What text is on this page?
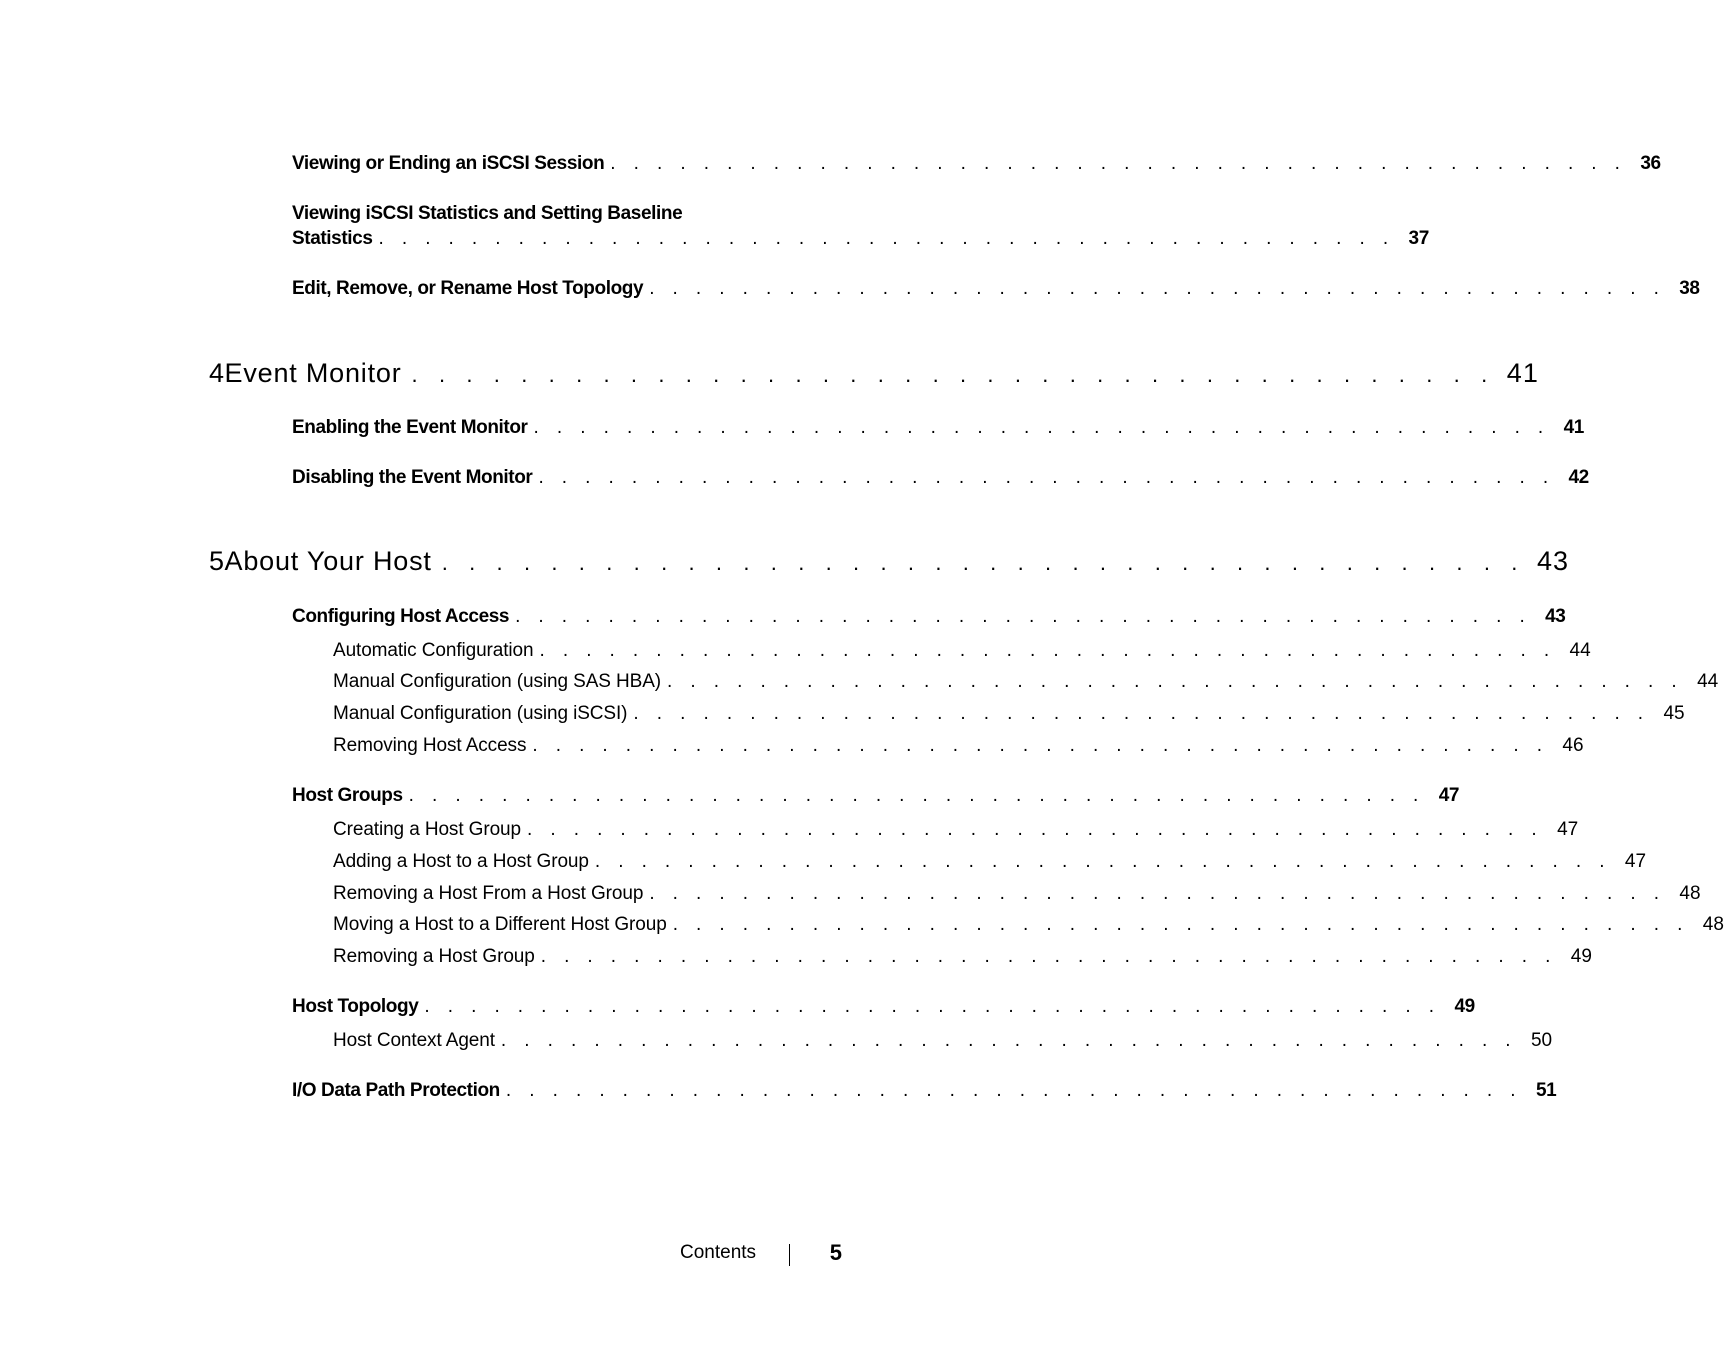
Viewing or Ending an iSCSI Session . . . . . . . . . . . . . . . . . . . . . . . . . . . . . . . . . . . . . . . . . . . . 36
Viewing iSCSI Statistics and Setting Baseline
Statistics . . . . . . . . . . . . . . . . . . . . . . . . . . . . . . . . . . . . . . . . . . . . 37
Edit, Remove, or Rename Host Topology . . . . . . . . . . . . . . . . . . . . . . . . . . . . . . . . . . . . . . . . . . . . 38
4 Event Monitor . . . . . . . . . . . . . . . . . . . . . . . . . . . . . . . . . . . . . . . . 41
Enabling the Event Monitor . . . . . . . . . . . . . . . . . . . . . . . . . . . . . . . . . . . . . . . . . . . . 41
Disabling the Event Monitor . . . . . . . . . . . . . . . . . . . . . . . . . . . . . . . . . . . . . . . . . . . . 42
5 About Your Host . . . . . . . . . . . . . . . . . . . . . . . . . . . . . . . . . . . . . . . . 43
Configuring Host Access . . . . . . . . . . . . . . . . . . . . . . . . . . . . . . . . . . . . . . . . . . . . 43
Automatic Configuration . . . . . . . . . . . . . . . . . . . . . . . . . . . . . . . . . . . . . . . . . . . . 44
Manual Configuration (using SAS HBA) . . . . . . . . . . . . . . . . . . . . . . . . . . . . . . . . . . . . . . . . . . . . 44
Manual Configuration (using iSCSI) . . . . . . . . . . . . . . . . . . . . . . . . . . . . . . . . . . . . . . . . . . . . 45
Removing Host Access . . . . . . . . . . . . . . . . . . . . . . . . . . . . . . . . . . . . . . . . . . . . 46
Host Groups . . . . . . . . . . . . . . . . . . . . . . . . . . . . . . . . . . . . . . . . . . . . 47
Creating a Host Group . . . . . . . . . . . . . . . . . . . . . . . . . . . . . . . . . . . . . . . . . . . . 47
Adding a Host to a Host Group . . . . . . . . . . . . . . . . . . . . . . . . . . . . . . . . . . . . . . . . . . . . 47
Removing a Host From a Host Group . . . . . . . . . . . . . . . . . . . . . . . . . . . . . . . . . . . . . . . . . . . . 48
Moving a Host to a Different Host Group . . . . . . . . . . . . . . . . . . . . . . . . . . . . . . . . . . . . . . . . . . . . 48
Removing a Host Group . . . . . . . . . . . . . . . . . . . . . . . . . . . . . . . . . . . . . . . . . . . . 49
Host Topology . . . . . . . . . . . . . . . . . . . . . . . . . . . . . . . . . . . . . . . . . . . . 49
Host Context Agent . . . . . . . . . . . . . . . . . . . . . . . . . . . . . . . . . . . . . . . . . . . . 50
I/O Data Path Protection . . . . . . . . . . . . . . . . . . . . . . . . . . . . . . . . . . . . . . . . . . . . 51
Contents	5
